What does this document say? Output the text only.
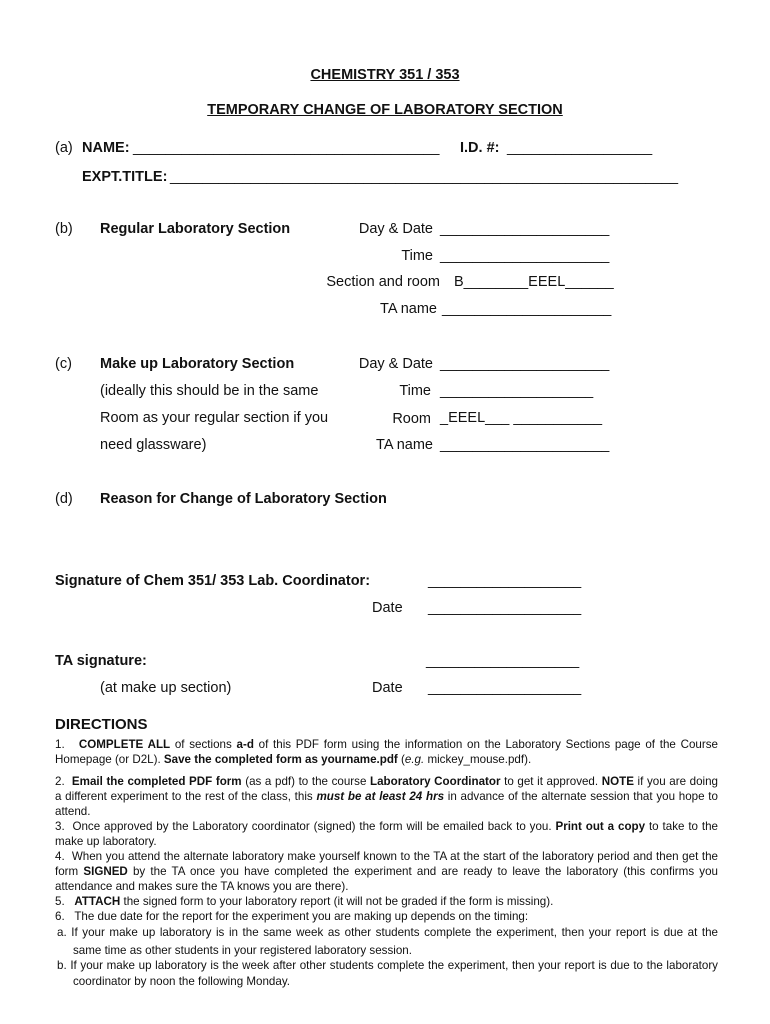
CHEMISTRY 351 / 353
TEMPORARY CHANGE OF LABORATORY SECTION
(a) NAME: ______________________________________ I.D. #: __________________
EXPT.TITLE: _______________________________________________________________
(b) Regular Laboratory Section	Day & Date _____________________
Time _____________________
Section and room B________EEEL______
TA name _____________________
(c) Make up Laboratory Section
(ideally this should be in the same
Room as your regular section if you
need glassware)
Day & Date _____________________
Time ___________________
Room _EEEL___ ___________
TA name _____________________
(d) Reason for Change of Laboratory Section
Signature of Chem 351/ 353 Lab. Coordinator:	___________________
Date ___________________
TA signature:	___________________
(at make up section)	Date ___________________
DIRECTIONS

1. COMPLETE ALL of sections a-d of this PDF form using the information on the Laboratory Sections page of the Course Homepage (or D2L). Save the completed form as yourname.pdf (e.g. mickey_mouse.pdf).

2. Email the completed PDF form (as a pdf) to the course Laboratory Coordinator to get it approved. NOTE if you are doing a different experiment to the rest of the class, this must be at least 24 hrs in advance of the alternate session that you hope to attend.

3. Once approved by the Laboratory coordinator (signed) the form will be emailed back to you. Print out a copy to take to the make up laboratory.

4. When you attend the alternate laboratory make yourself known to the TA at the start of the laboratory period and then get the form SIGNED by the TA once you have completed the experiment and are ready to leave the laboratory (this confirms you attendance and makes sure the TA knows you are there).

5. ATTACH the signed form to your laboratory report (it will not be graded if the form is missing).

6. The due date for the report for the experiment you are making up depends on the timing:

a. If your make up laboratory is in the same week as other students complete the experiment, then your report is due at the same time as other students in your registered laboratory session.

b. If your make up laboratory is the week after other students complete the experiment, then your report is due to the laboratory coordinator by noon the following Monday.
